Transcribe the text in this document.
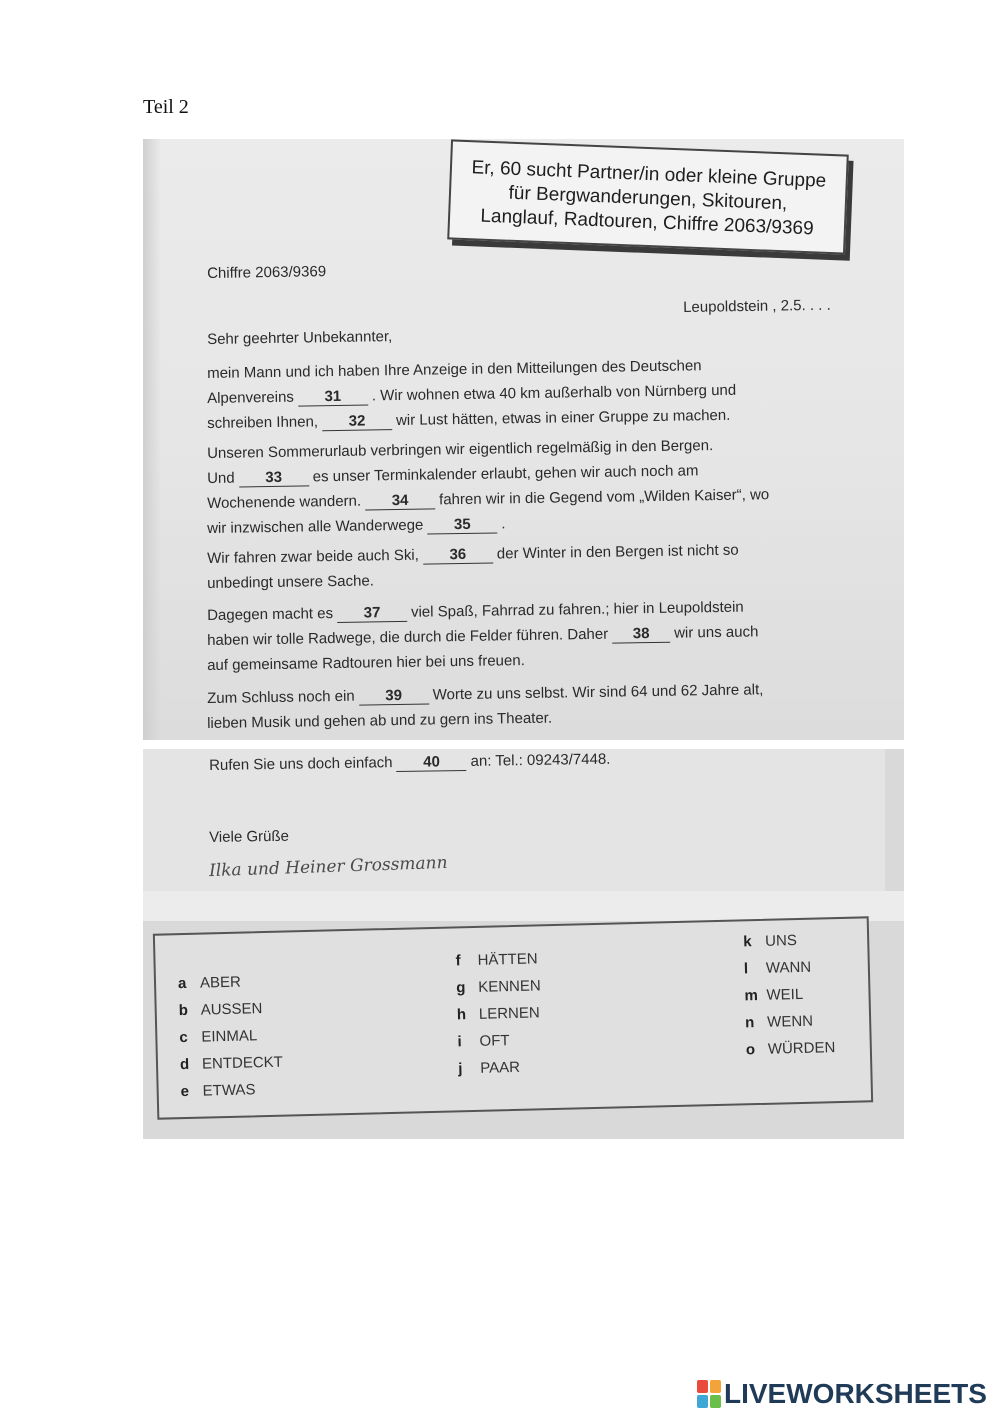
Teil 2
Er, 60 sucht Partner/in oder kleine Gruppe
für Bergwanderungen, Skitouren,
Langlauf, Radtouren, Chiffre 2063/9369
Chiffre 2063/9369
Leupoldstein , 2.5. . . .
Sehr geehrter Unbekannter,
mein Mann und ich haben Ihre Anzeige in den Mitteilungen des Deutschen
Alpenvereins 31 . Wir wohnen etwa 40 km außerhalb von Nürnberg und
schreiben Ihnen, 32 wir Lust hätten, etwas in einer Gruppe zu machen.
Unseren Sommerurlaub verbringen wir eigentlich regelmäßig in den Bergen.
Und 33 es unser Terminkalender erlaubt, gehen wir auch noch am
Wochenende wandern. 34 fahren wir in die Gegend vom „Wilden Kaiser“, wo
wir inzwischen alle Wanderwege 35 .
Wir fahren zwar beide auch Ski, 36 der Winter in den Bergen ist nicht so
unbedingt unsere Sache.
Dagegen macht es 37 viel Spaß, Fahrrad zu fahren.; hier in Leupoldstein
haben wir tolle Radwege, die durch die Felder führen. Daher 38 wir uns auch
auf gemeinsame Radtouren hier bei uns freuen.
Zum Schluss noch ein 39 Worte zu uns selbst. Wir sind 64 und 62 Jahre alt,
lieben Musik und gehen ab und zu gern ins Theater.
Rufen Sie uns doch einfach 40 an: Tel.: 09243/7448.
Viele Grüße
Ilka und Heiner Grossmann
a ABER
b AUSSEN
c EINMAL
d ENTDECKT
e ETWAS
f HÄTTEN
g KENNEN
h LERNEN
i OFT
j PAAR
k UNS
l WANN
m WEIL
n WENN
o WÜRDEN
LIVEWORKSHEETS
